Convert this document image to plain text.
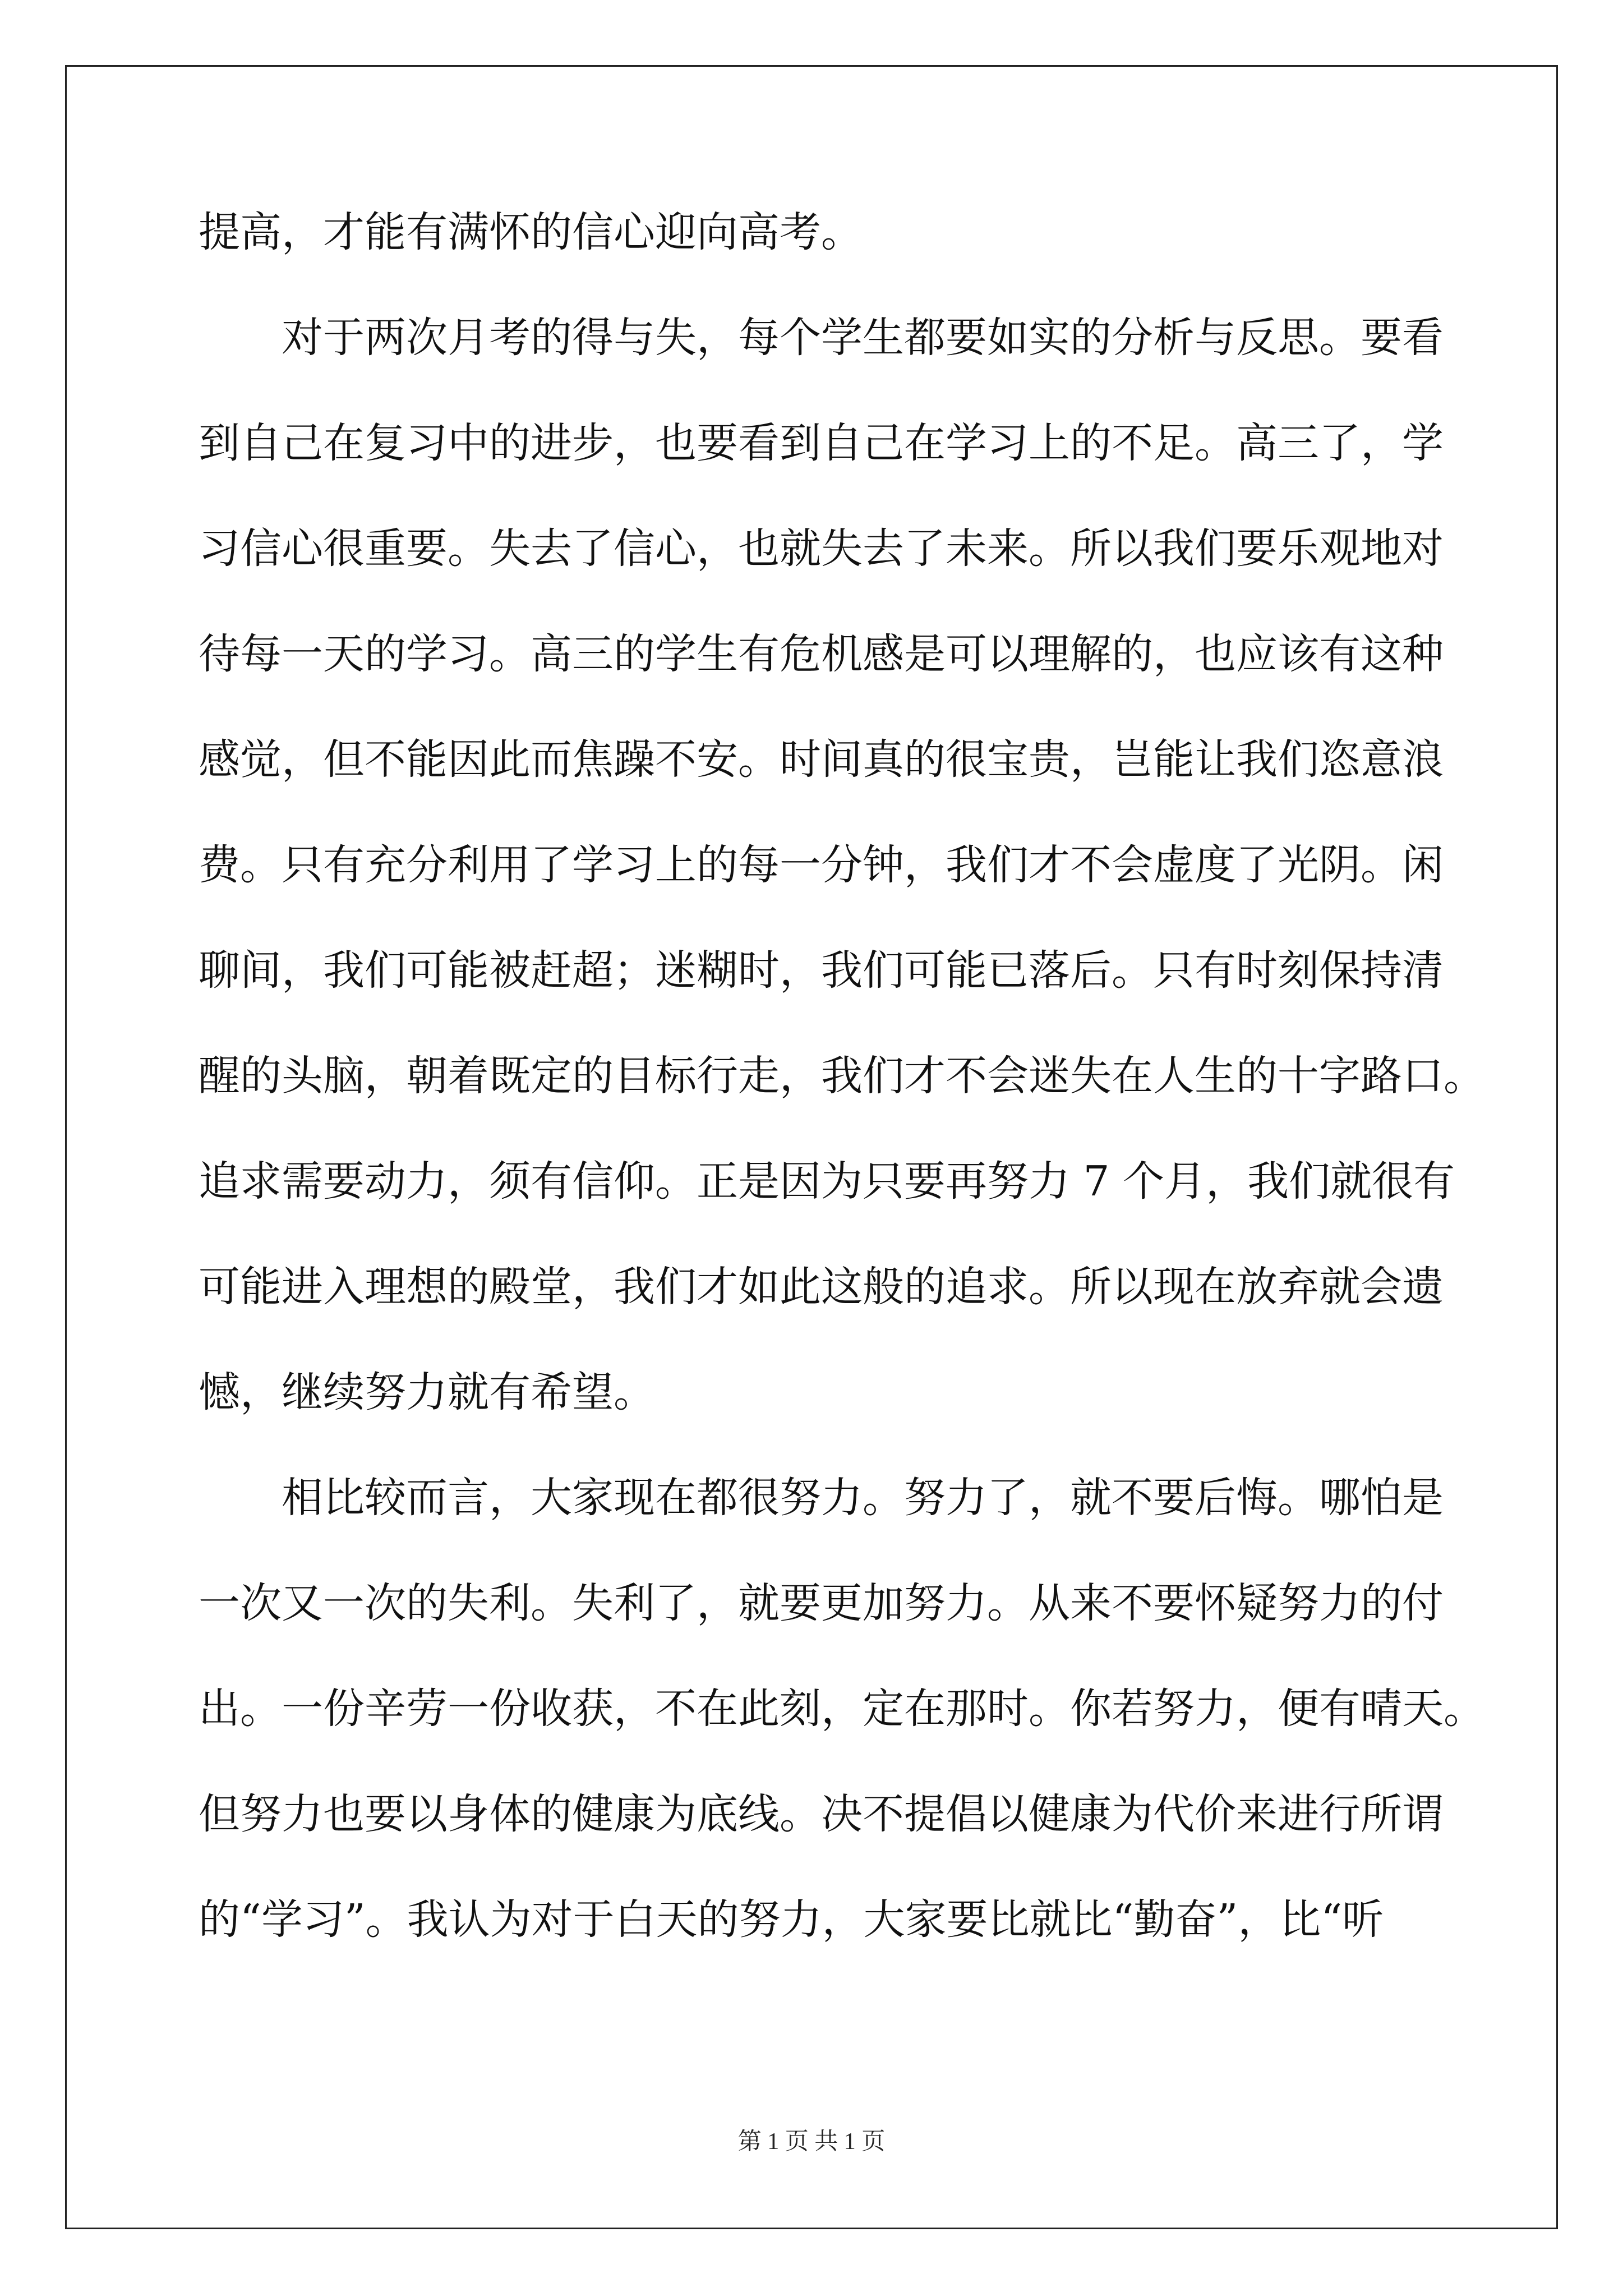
提高，才能有满怀的信心迎向高考。
对于两次月考的得与失，每个学生都要如实的分析与反思。要看
到自己在复习中的进步，也要看到自己在学习上的不足。高三了，学
习信心很重要。失去了信心，也就失去了未来。所以我们要乐观地对
待每一天的学习。高三的学生有危机感是可以理解的，也应该有这种
感觉，但不能因此而焦躁不安。时间真的很宝贵，岂能让我们恣意浪
费。只有充分利用了学习上的每一分钟，我们才不会虚度了光阴。闲
聊间，我们可能被赶超；迷糊时，我们可能已落后。只有时刻保持清
醒的头脑，朝着既定的目标行走，我们才不会迷失在人生的十字路口。
追求需要动力，须有信仰。正是因为只要再努力 7 个月，我们就很有
可能进入理想的殿堂，我们才如此这般的追求。所以现在放弃就会遗
憾，继续努力就有希望。
相比较而言，大家现在都很努力。努力了，就不要后悔。哪怕是
一次又一次的失利。失利了，就要更加努力。从来不要怀疑努力的付
出。一份辛劳一份收获，不在此刻，定在那时。你若努力，便有晴天。
但努力也要以身体的健康为底线。决不提倡以健康为代价来进行所谓
的“学习”。我认为对于白天的努力，大家要比就比“勤奋”，比“听
第 1 页 共 1 页
